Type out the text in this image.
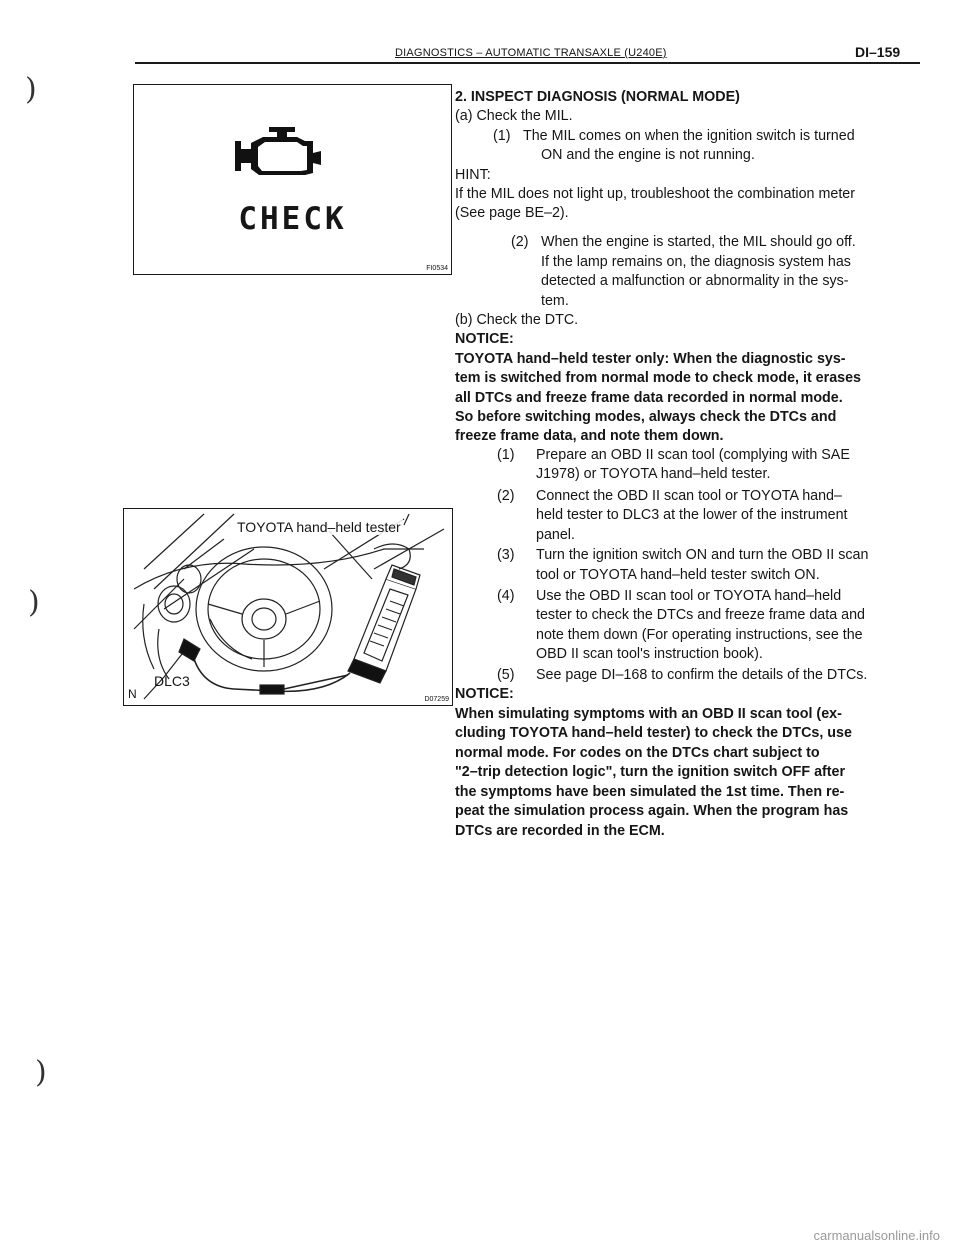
DIAGNOSTICS – AUTOMATIC TRANSAXLE (U240E)	DI–159
)
)
)
CHECK
FI0534
TOYOTA hand–held tester
DLC3
N	D07259
2. INSPECT DIAGNOSIS (NORMAL MODE)
(a) Check the MIL.
(1) The MIL comes on when the ignition switch is turned
ON and the engine is not running.
HINT:
If the MIL does not light up, troubleshoot the combination meter
(See page BE–2).
(2) When the engine is started, the MIL should go off.
If the lamp remains on, the diagnosis system has
detected a malfunction or abnormality in the sys-
tem.
(b) Check the DTC.
NOTICE:
TOYOTA hand–held tester only: When the diagnostic sys-
tem is switched from normal mode to check mode, it erases
all DTCs and freeze frame data recorded in normal mode.
So before switching modes, always check the DTCs and
freeze frame data, and note them down.
(1) Prepare an OBD II scan tool (complying with SAE
J1978) or TOYOTA hand–held tester.
(2) Connect the OBD II scan tool or TOYOTA hand–
held tester to DLC3 at the lower of the instrument
panel.
(3) Turn the ignition switch ON and turn the OBD II scan
tool or TOYOTA hand–held tester switch ON.
(4) Use the OBD II scan tool or TOYOTA hand–held
tester to check the DTCs and freeze frame data and
note them down (For operating instructions, see the
OBD II scan tool's instruction book).
(5) See page DI–168 to confirm the details of the DTCs.
NOTICE:
When simulating symptoms with an OBD II scan tool (ex-
cluding TOYOTA hand–held tester) to check the DTCs, use
normal mode. For codes on the DTCs chart subject to
"2–trip detection logic", turn the ignition switch OFF after
the symptoms have been simulated the 1st time. Then re-
peat the simulation process again. When the program has
DTCs are recorded in the ECM.
carmanualsonline.info
